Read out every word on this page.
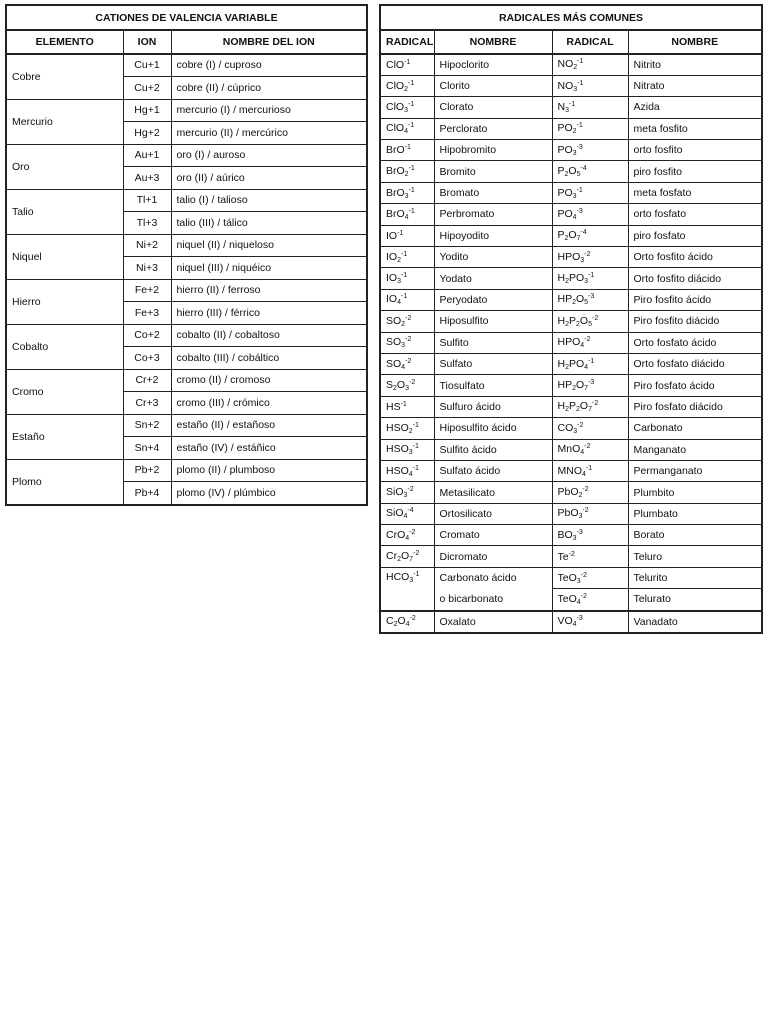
CATIONES DE VALENCIA VARIABLE		
ELEMENTO	ION	NOMBRE DEL ION
Cobre	Cu+1	cobre (I) / cuproso
	Cu+2	cobre (II) / cúprico
Mercurio	Hg+1	mercurio (I) / mercurioso
	Hg+2	mercurio (II) / mercúrico
Oro	Au+1	oro (I) / auroso
	Au+3	oro (II) / aúrico
Talio	Tl+1	talio (I) / talioso
	Tl+3	talio (III) / tálico
Niquel	Ni+2	niquel (II) / niqueloso
	Ni+3	niquel (III) / niquéico
Hierro	Fe+2	hierro (II) / ferroso
	Fe+3	hierro (III) / férrico
Cobalto	Co+2	cobalto (II) / cobaltoso
	Co+3	cobalto (III) / cobáltico
Cromo	Cr+2	cromo (II) / cromoso
	Cr+3	cromo (III) / crómico
Estaño	Sn+2	estaño (II) / estañoso
	Sn+4	estaño (IV) / estáñico
Plomo	Pb+2	plomo (II) / plumboso
	Pb+4	plomo (IV) / plúmbico
RADICALES MÁS COMUNES			
RADICAL	NOMBRE	RADICAL	NOMBRE
ClO$^{-1}$	Hipoclorito	$NO_2^{-1}$	Nitrito
ClO$_2^{-1}$	Clorito	$NO_3^{-1}$	Nitrato
ClO$_3^{-1}$	Clorato	$N_3^{-1}$	Azida
ClO$_4^{-1}$	Perclorato	$PO_2^{-1}$	meta fosfito
BrO$^{-1}$	Hipobromito	$PO_3^{-3}$	orto fosfito
BrO$_2^{-1}$	Bromito	$P_2O_5^{-4}$	piro fosfito
BrO$_3^{-1}$	Bromato	$PO_3^{-1}$	meta fosfato
BrO$_4^{-1}$	Perbromato	$PO_4^{-3}$	orto fosfato
$IO^{-1}$	Hipoyodito	$P_2O_7^{-4}$	piro fosfato
$IO_2^{-1}$	Yodito	$HPO_3^{-2}$	Orto fosfito ácido
$IO_3^{-1}$	Yodato	$H_2PO_3^{-1}$	Orto fosfito diácido
$IO_4^{-1}$	Peryodato	$HP_2O_5^{-3}$	Piro fosfito ácido
$SO_2^{-2}$	Hiposulfito	$H_2P_2O_5^{-2}$	Piro fosfito diácido
$SO_3^{-2}$	Sulfito	$HPO_4^{-2}$	Orto fosfato ácido
$SO_4^{-2}$	Sulfato	$H_2PO_4^{-1}$	Orto fosfato diácido
$S_2O_3^{-2}$	Tiosulfato	$HP_2O_7^{-3}$	Piro fosfato ácido
$HS^{-1}$	Sulfuro ácido	$H_2P_2O_7^{-2}$	Piro fosfato diácido
$HSO_2^{-1}$	Hiposulfito ácido	$CO_3^{-2}$	Carbonato
$HSO_3^{-1}$	Sulfito ácido	MnO$_4^{-2}$	Manganato
$HSO_4^{-1}$	Sulfato ácido	$MNO_4^{-1}$	Permanganato
SiO$_3^{-2}$	Metasilicato	PbO$_2^{-2}$	Plumbito
SiO$_4^{-4}$	Ortosilicato	PbO$_3^{-2}$	Plumbato
CrO$_4^{-2}$	Cromato	$BO_3^{-3}$	Borato
$Cr_2O_7^{-2}$	Dicromato	$Te^{-2}$	Teluro
$HCO_3^{-1}$	Carbonato ácido	TeO$_3^{-2}$	Telurito
	o bicarbonato	TeO$_4^{-2}$	Telurato
$C_2O_4^{-2}$	Oxalato	$VO_4^{-3}$	Vanadato
